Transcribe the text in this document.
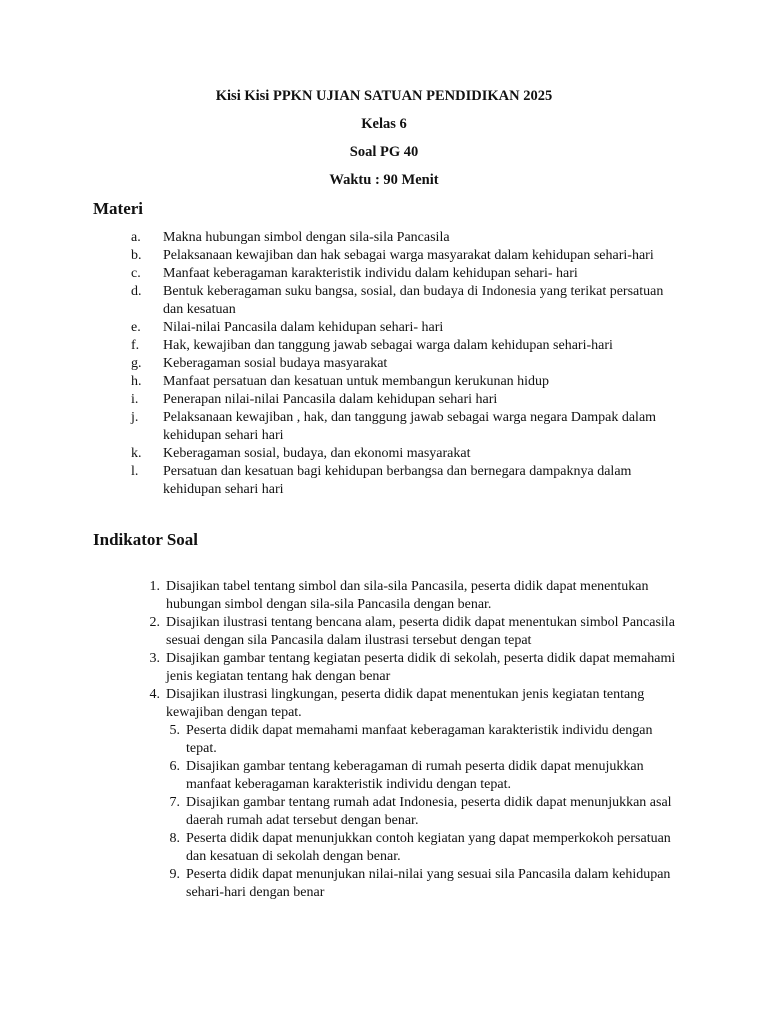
Kisi Kisi PPKN UJIAN SATUAN PENDIDIKAN 2025
Kelas 6
Soal PG 40
Waktu : 90 Menit
Materi
a.	Makna hubungan simbol dengan sila-sila Pancasila
b.	Pelaksanaan kewajiban dan hak sebagai warga masyarakat dalam kehidupan sehari-hari
c.	Manfaat keberagaman karakteristik individu dalam kehidupan sehari- hari
d.	Bentuk keberagaman suku bangsa, sosial, dan budaya di Indonesia yang terikat persatuan dan kesatuan
e.	Nilai-nilai Pancasila dalam kehidupan sehari- hari
f.	Hak, kewajiban dan tanggung jawab sebagai warga dalam kehidupan sehari-hari
g.	Keberagaman sosial budaya masyarakat
h.	Manfaat persatuan dan kesatuan untuk membangun kerukunan hidup
i.	Penerapan nilai-nilai Pancasila dalam kehidupan sehari hari
j.	Pelaksanaan kewajiban , hak, dan tanggung jawab sebagai warga negara Dampak dalam kehidupan sehari hari
k.	Keberagaman sosial, budaya, dan ekonomi masyarakat
l.	Persatuan dan kesatuan bagi kehidupan berbangsa dan bernegara dampaknya dalam kehidupan sehari hari
Indikator Soal
1. Disajikan tabel tentang simbol dan sila-sila Pancasila, peserta didik dapat menentukan hubungan simbol dengan sila-sila Pancasila dengan benar.
2. Disajikan ilustrasi tentang bencana alam, peserta didik dapat menentukan simbol Pancasila sesuai dengan sila Pancasila dalam ilustrasi tersebut dengan tepat
3. Disajikan gambar tentang kegiatan peserta didik di sekolah, peserta didik dapat memahami jenis kegiatan tentang hak dengan benar
4. Disajikan ilustrasi lingkungan, peserta didik dapat menentukan jenis kegiatan tentang kewajiban dengan tepat.
5. Peserta didik dapat memahami manfaat keberagaman karakteristik individu dengan tepat.
6. Disajikan gambar tentang keberagaman di rumah peserta didik dapat menujukkan manfaat keberagaman karakteristik individu dengan tepat.
7. Disajikan gambar tentang rumah adat Indonesia, peserta didik dapat menunjukkan asal daerah rumah adat tersebut dengan benar.
8. Peserta didik dapat menunjukkan contoh kegiatan yang dapat memperkokoh persatuan dan kesatuan di sekolah dengan benar.
9. Peserta didik dapat menunjukan nilai-nilai yang sesuai sila Pancasila dalam kehidupan sehari-hari dengan benar
